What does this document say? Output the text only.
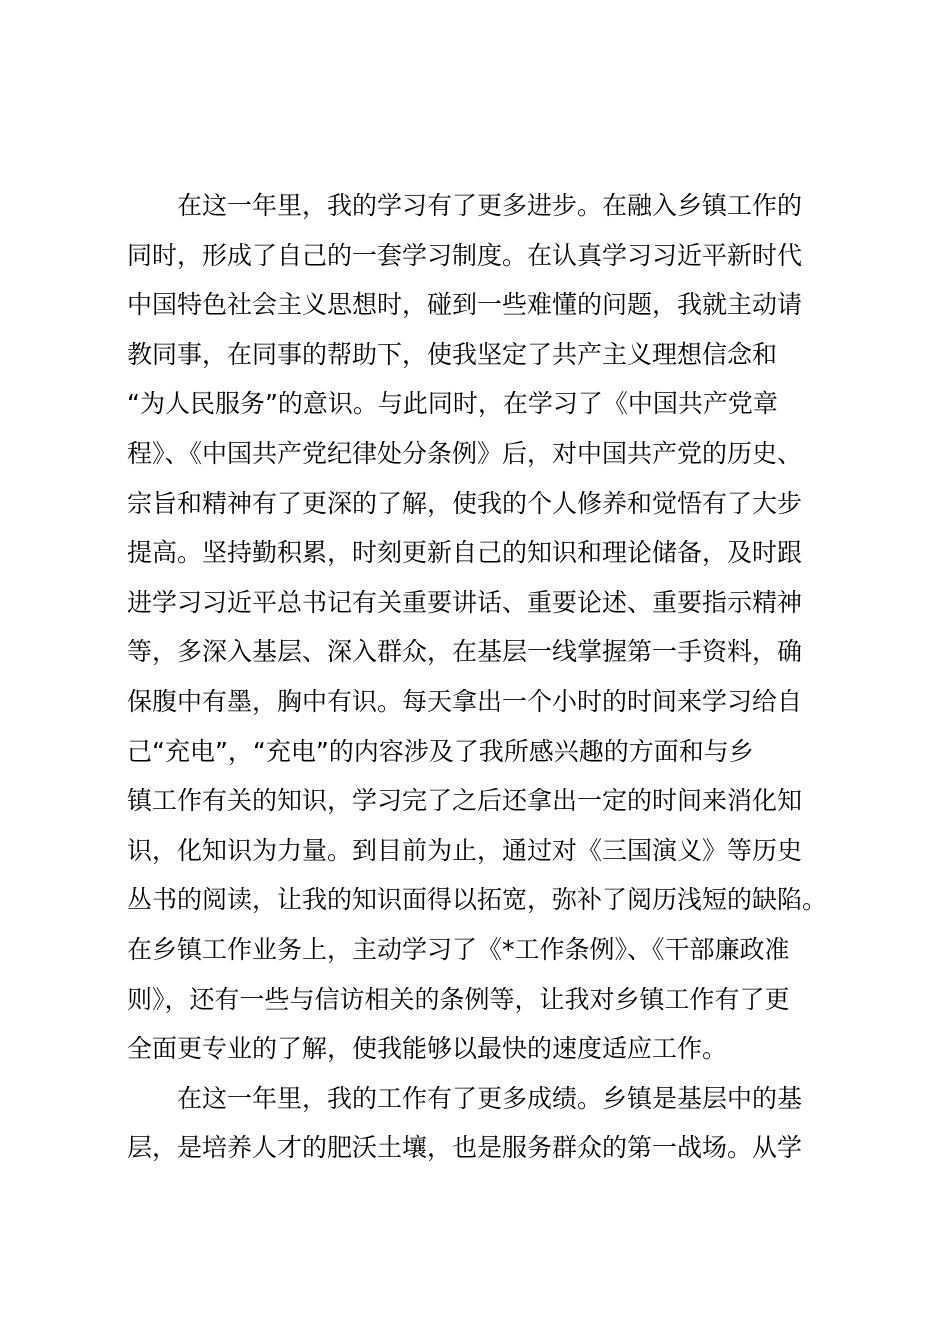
在这一年里，我的学习有了更多进步。在融入乡镇工作的
同时，形成了自己的一套学习制度。在认真学习习近平新时代
中国特色社会主义思想时，碰到一些难懂的问题，我就主动请
教同事，在同事的帮助下，使我坚定了共产主义理想信念和
“为人民服务”的意识。与此同时，在学习了《中国共产党章
程》、《中国共产党纪律处分条例》后，对中国共产党的历史、
宗旨和精神有了更深的了解，使我的个人修养和觉悟有了大步
提高。坚持勤积累，时刻更新自己的知识和理论储备，及时跟
进学习习近平总书记有关重要讲话、重要论述、重要指示精神
等，多深入基层、深入群众，在基层一线掌握第一手资料，确
保腹中有墨，胸中有识。每天拿出一个小时的时间来学习给自
己“充电”，“充电”的内容涉及了我所感兴趣的方面和与乡
镇工作有关的知识，学习完了之后还拿出一定的时间来消化知
识，化知识为力量。到目前为止，通过对《三国演义》等历史
丛书的阅读，让我的知识面得以拓宽，弥补了阅历浅短的缺陷。
在乡镇工作业务上，主动学习了《*工作条例》、《干部廉政准
则》，还有一些与信访相关的条例等，让我对乡镇工作有了更
全面更专业的了解，使我能够以最快的速度适应工作。
在这一年里，我的工作有了更多成绩。乡镇是基层中的基
层，是培养人才的肥沃土壤，也是服务群众的第一战场。从学
